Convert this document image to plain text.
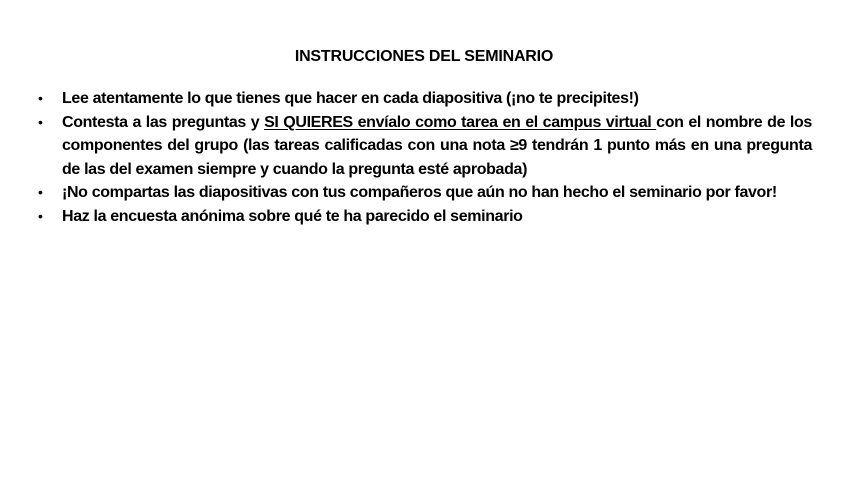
INSTRUCCIONES DEL SEMINARIO
• Lee atentamente lo que tienes que hacer en cada diapositiva (¡no te precipites!)
• Contesta a las preguntas y SI QUIERES envíalo como tarea en el campus virtual con el nombre de los componentes del grupo (las tareas calificadas con una nota ≥9 tendrán 1 punto más en una pregunta de las del examen siempre y cuando la pregunta esté aprobada)
• ¡No compartas las diapositivas con tus compañeros que aún no han hecho el seminario por favor!
• Haz la encuesta anónima sobre qué te ha parecido el seminario
